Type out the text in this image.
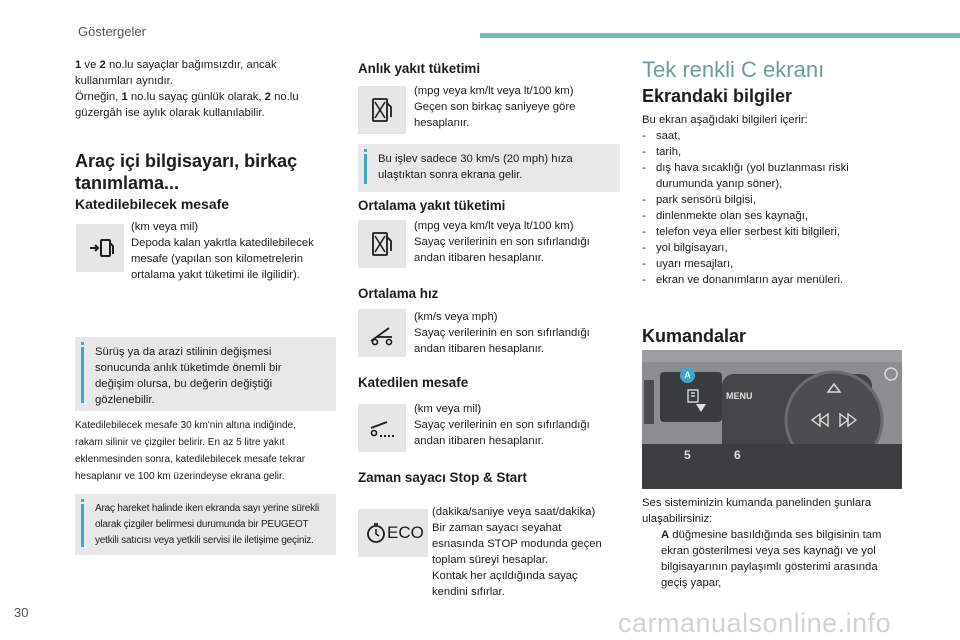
Göstergeler
30	carmanualsonline.info
1 ve 2 no.lu sayaçlar bağımsızdır, ancak
kullanımları aynıdır.
Örneğin, 1 no.lu sayaç günlük olarak, 2 no.lu
güzergâh ise aylık olarak kullanılabilir.
Araç içi bilgisayarı, birkaç
tanımlama...
Katedilebilecek mesafe
(km veya mil)
Depoda kalan yakıtla katedilebilecek
mesafe (yapılan son kilometrelerin
ortalama yakıt tüketimi ile ilgilidir).
Sürüş ya da arazi stilinin değişmesi
sonucunda anlık tüketimde önemli bir
değişim olursa, bu değerin değiştiği
gözlenebilir.
Katedilebilecek mesafe 30 km'nin altına indiğinde,
rakam silinir ve çizgiler belirir. En az 5 litre yakıt
eklenmesinden sonra, katedilebilecek mesafe tekrar
hesaplanır ve 100 km üzerindeyse ekrana gelir.
Araç hareket halinde iken ekranda sayı yerine sürekli
olarak çizgiler belirmesi durumunda bir PEUGEOT
yetkili satıcısı veya yetkili servisi ile iletişime geçiniz.
Anlık yakıt tüketimi
(mpg veya km/lt veya lt/100 km)
Geçen son birkaç saniyeye göre
hesaplanır.
Bu işlev sadece 30 km/s (20 mph) hıza
ulaştıktan sonra ekrana gelir.
Ortalama yakıt tüketimi
(mpg veya km/lt veya lt/100 km)
Sayaç verilerinin en son sıfırlandığı
andan itibaren hesaplanır.
Ortalama hız
(km/s veya mph)
Sayaç verilerinin en son sıfırlandığı
andan itibaren hesaplanır.
Katedilen mesafe
(km veya mil)
Sayaç verilerinin en son sıfırlandığı
andan itibaren hesaplanır.
Zaman sayacı Stop & Start
ECO
(dakika/saniye veya saat/dakika)
Bir zaman sayacı seyahat
esnasında STOP modunda geçen
toplam süreyi hesaplar.
Kontak her açıldığında sayaç
kendini sıfırlar.
Tek renkli C ekranı
Ekrandaki bilgiler
Bu ekran aşağıdaki bilgileri içerir:
- saat,
- tarih,
- dış hava sıcaklığı (yol buzlanması riski durumunda yanıp söner),
- park sensörü bilgisi,
- dinlenmekte olan ses kaynağı,
- telefon veya eller serbest kiti bilgileri,
- yol bilgisayarı,
- uyarı mesajları,
- ekran ve donanımların ayar menüleri.
Kumandalar
A
MENU
5	6
Ses sisteminizin kumanda panelinden şunlara
ulaşabilirsiniz:
A düğmesine basıldığında ses bilgisinin tam
ekran gösterilmesi veya ses kaynağı ve yol
bilgisayarının paylaşımlı gösterimi arasında
geçiş yapar,
